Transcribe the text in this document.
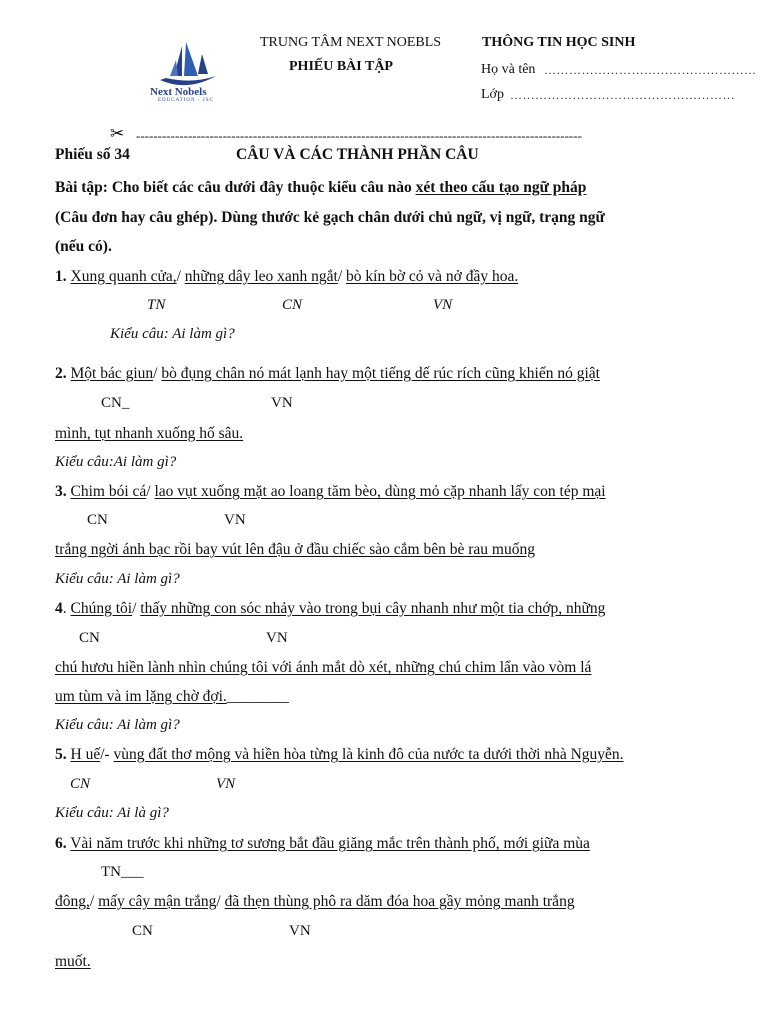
Next Nobels
EDUCATION - JSC
TRUNG TÂM NEXT NOEBLS
PHIẾU BÀI TẬP
THÔNG TIN HỌC SINH
Họ và tên ……………………………………………
Lớp ………………………………………………
✂ -------------------------------------------------------------------------------------------------------
Phiếu số 34	CÂU VÀ CÁC THÀNH PHẦN CÂU
Bài tập: Cho biết các câu dưới đây thuộc kiểu câu nào xét theo cấu tạo ngữ pháp
(Câu đơn hay câu ghép). Dùng thước kẻ gạch chân dưới chủ ngữ, vị ngữ, trạng ngữ
(nếu có).
1. Xung quanh cửa,/ những dây leo xanh ngắt/ bò kín bờ cỏ và nở đầy hoa.
TN	CN	VN
Kiểu câu: Ai làm gì?
2. Một bác giun/ bò đụng chân nó mát lạnh hay một tiếng dế rúc rích cũng khiến nó giật
CN_	VN
mình, tụt nhanh xuống hố sâu.
Kiểu câu:Ai làm gì?
3. Chim bói cá/ lao vụt xuống mặt ao loang tăm bèo, dùng mỏ cặp nhanh lấy con tép mại
CN	VN
trắng ngời ánh bạc rồi bay vút lên đậu ở đầu chiếc sào cắm bên bè rau muống
Kiểu câu: Ai làm gì?
4. Chúng tôi/ thấy những con sóc nhảy vào trong bụi cây nhanh như một tia chớp, những
CN	VN
chú hươu hiền lành nhìn chúng tôi với ánh mắt dò xét, những chú chim lẩn vào vòm lá
um tùm và im lặng chờ đợi.________
Kiểu câu: Ai làm gì?
5. H uế/- vùng đất thơ mộng và hiền hòa từng là kinh đô của nước ta dưới thời nhà Nguyễn.
CN	VN
Kiểu câu: Ai là gì?
6. Vài năm trước khi những tơ sương bắt đầu giăng mắc trên thành phố, mới giữa mùa
TN___
đông,/ mấy cây mận trắng/ đã thẹn thùng phô ra dăm đóa hoa gầy mỏng manh trắng
CN	VN
muốt.
